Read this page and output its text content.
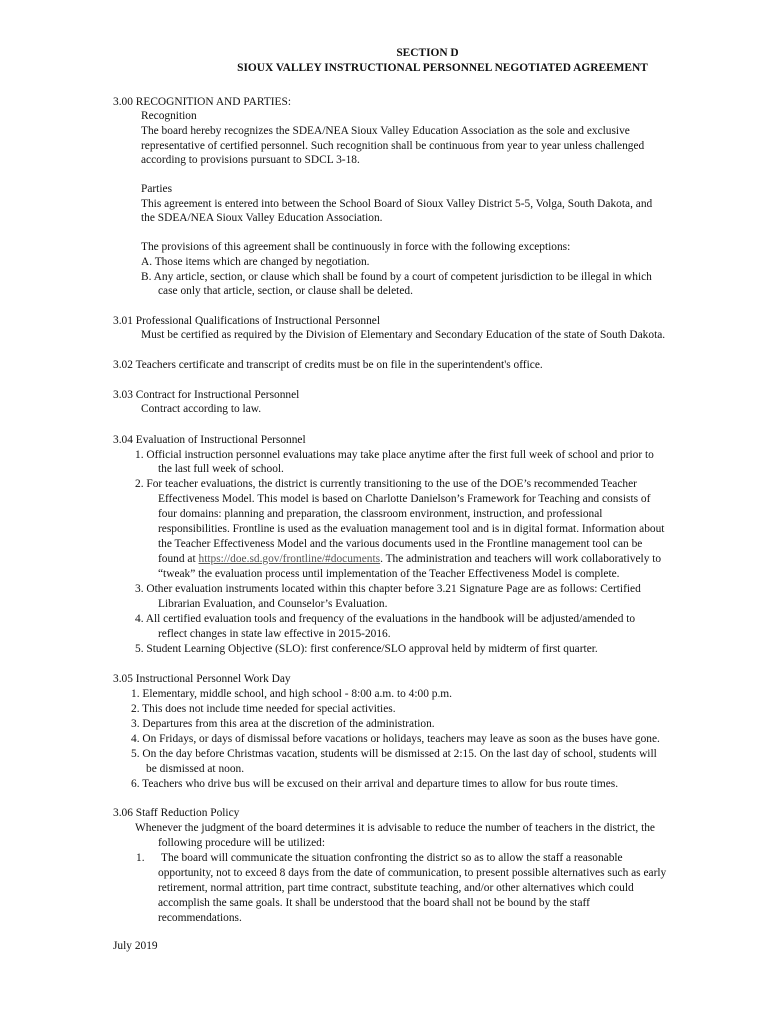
SECTION D
SIOUX VALLEY INSTRUCTIONAL PERSONNEL NEGOTIATED AGREEMENT
3.00 RECOGNITION AND PARTIES:
Recognition
The board hereby recognizes the SDEA/NEA Sioux Valley Education Association as the sole and exclusive
representative of certified personnel. Such recognition shall be continuous from year to year unless challenged
according to provisions pursuant to SDCL 3-18.
Parties
This agreement is entered into between the School Board of Sioux Valley District 5-5, Volga, South Dakota, and
the SDEA/NEA Sioux Valley Education Association.
The provisions of this agreement shall be continuously in force with the following exceptions:
A. Those items which are changed by negotiation.
B. Any article, section, or clause which shall be found by a court of competent jurisdiction to be illegal in which
case only that article, section, or clause shall be deleted.
3.01 Professional Qualifications of Instructional Personnel
Must be certified as required by the Division of Elementary and Secondary Education of the state of South Dakota.
3.02 Teachers certificate and transcript of credits must be on file in the superintendent's office.
3.03 Contract for Instructional Personnel
Contract according to law.
3.04 Evaluation of Instructional Personnel
1. Official instruction personnel evaluations may take place anytime after the first full week of school and prior to
the last full week of school.
2. For teacher evaluations, the district is currently transitioning to the use of the DOE’s recommended Teacher
Effectiveness Model. This model is based on Charlotte Danielson’s Framework for Teaching and consists of
four domains: planning and preparation, the classroom environment, instruction, and professional
responsibilities. Frontline is used as the evaluation management tool and is in digital format. Information about
the Teacher Effectiveness Model and the various documents used in the Frontline management tool can be
found at https://doe.sd.gov/frontline/#documents. The administration and teachers will work collaboratively to
“tweak” the evaluation process until implementation of the Teacher Effectiveness Model is complete.
3. Other evaluation instruments located within this chapter before 3.21 Signature Page are as follows: Certified
Librarian Evaluation, and Counselor’s Evaluation.
4. All certified evaluation tools and frequency of the evaluations in the handbook will be adjusted/amended to
reflect changes in state law effective in 2015-2016.
5. Student Learning Objective (SLO): first conference/SLO approval held by midterm of first quarter.
3.05 Instructional Personnel Work Day
1. Elementary, middle school, and high school - 8:00 a.m. to 4:00 p.m.
2. This does not include time needed for special activities.
3. Departures from this area at the discretion of the administration.
4. On Fridays, or days of dismissal before vacations or holidays, teachers may leave as soon as the buses have gone.
5. On the day before Christmas vacation, students will be dismissed at 2:15. On the last day of school, students will
be dismissed at noon.
6. Teachers who drive bus will be excused on their arrival and departure times to allow for bus route times.
3.06 Staff Reduction Policy
Whenever the judgment of the board determines it is advisable to reduce the number of teachers in the district, the
following procedure will be utilized:
1. The board will communicate the situation confronting the district so as to allow the staff a reasonable
opportunity, not to exceed 8 days from the date of communication, to present possible alternatives such as early
retirement, normal attrition, part time contract, substitute teaching, and/or other alternatives which could
accomplish the same goals. It shall be understood that the board shall not be bound by the staff
recommendations.
July 2019
